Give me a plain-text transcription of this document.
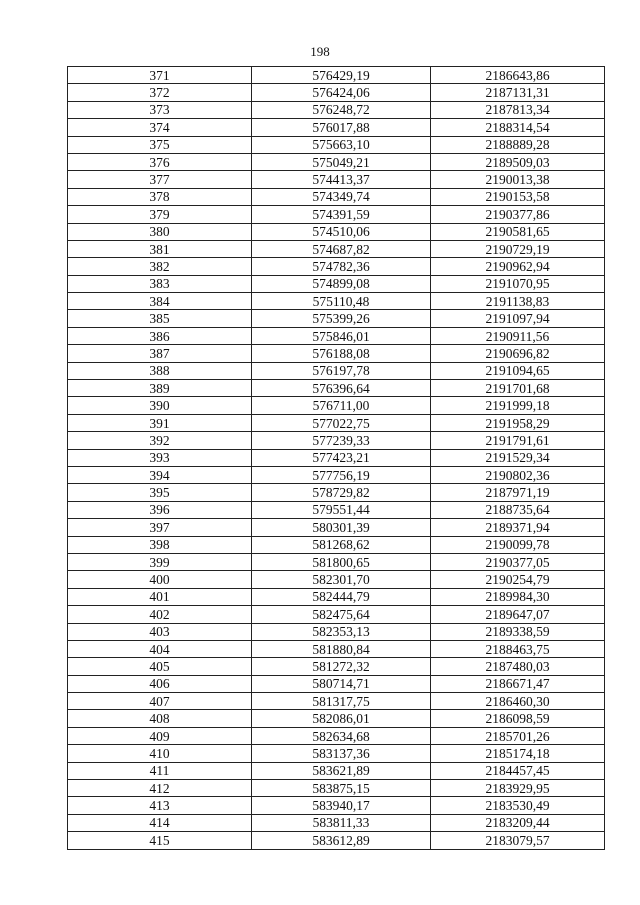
198
371	576429,19	2186643,86
372	576424,06	2187131,31
373	576248,72	2187813,34
374	576017,88	2188314,54
375	575663,10	2188889,28
376	575049,21	2189509,03
377	574413,37	2190013,38
378	574349,74	2190153,58
379	574391,59	2190377,86
380	574510,06	2190581,65
381	574687,82	2190729,19
382	574782,36	2190962,94
383	574899,08	2191070,95
384	575110,48	2191138,83
385	575399,26	2191097,94
386	575846,01	2190911,56
387	576188,08	2190696,82
388	576197,78	2191094,65
389	576396,64	2191701,68
390	576711,00	2191999,18
391	577022,75	2191958,29
392	577239,33	2191791,61
393	577423,21	2191529,34
394	577756,19	2190802,36
395	578729,82	2187971,19
396	579551,44	2188735,64
397	580301,39	2189371,94
398	581268,62	2190099,78
399	581800,65	2190377,05
400	582301,70	2190254,79
401	582444,79	2189984,30
402	582475,64	2189647,07
403	582353,13	2189338,59
404	581880,84	2188463,75
405	581272,32	2187480,03
406	580714,71	2186671,47
407	581317,75	2186460,30
408	582086,01	2186098,59
409	582634,68	2185701,26
410	583137,36	2185174,18
411	583621,89	2184457,45
412	583875,15	2183929,95
413	583940,17	2183530,49
414	583811,33	2183209,44
415	583612,89	2183079,57
